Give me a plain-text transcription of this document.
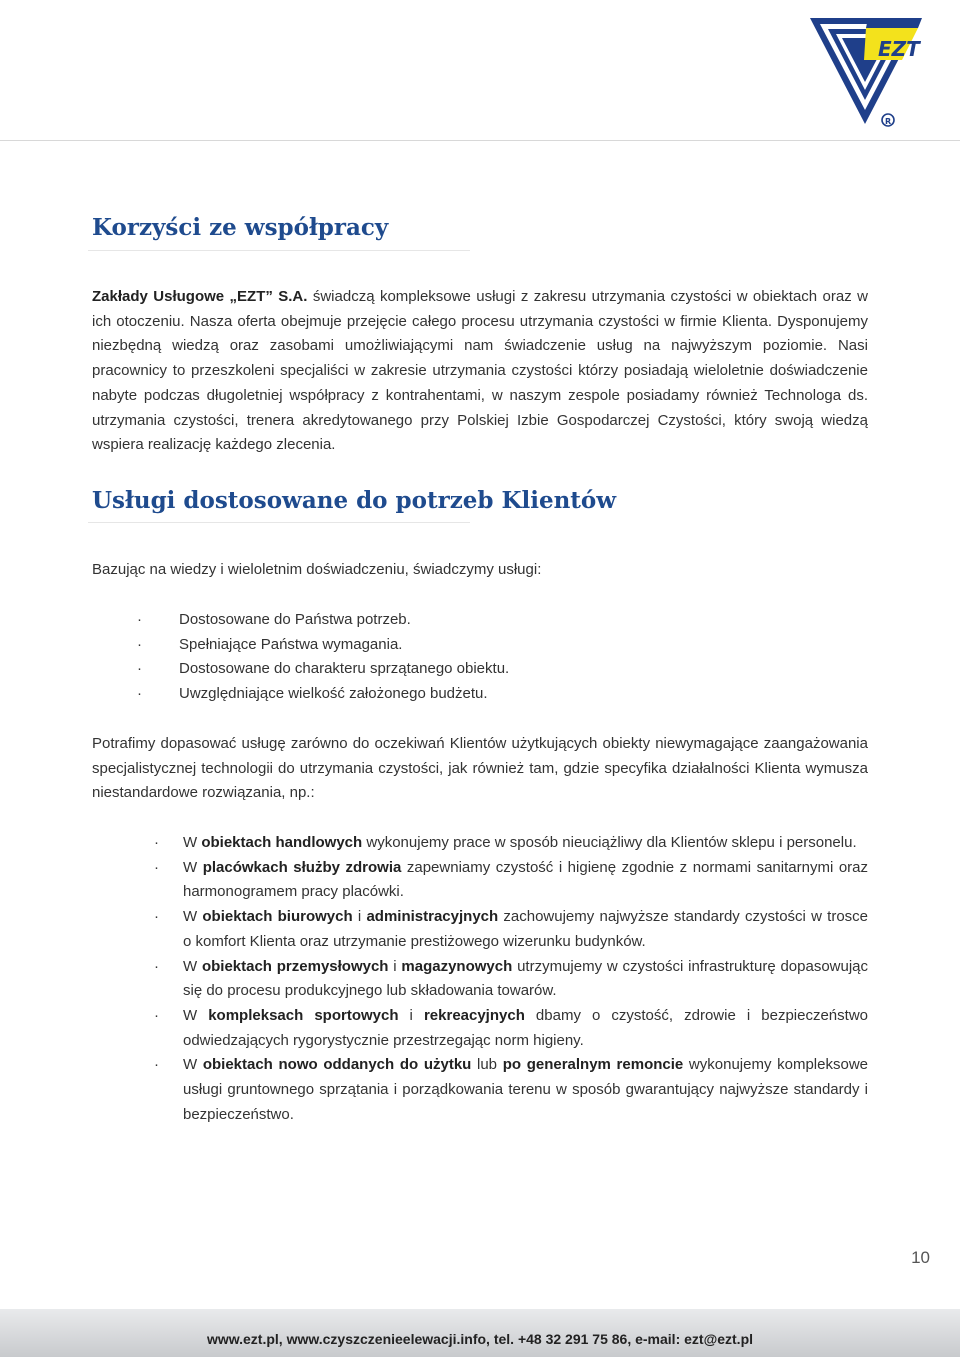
EZT
R
Korzyści ze współpracy

Zakłady Usługowe „EZT” S.A. świadczą kompleksowe usługi z zakresu utrzymania czystości w obiektach oraz w ich otoczeniu. Nasza oferta obejmuje przejęcie całego procesu utrzymania czystości w firmie Klienta. Dysponujemy niezbędną wiedzą oraz zasobami umożliwiającymi nam świadczenie usług na najwyższym poziomie. Nasi pracownicy to przeszkoleni specjaliści w zakresie utrzymania czystości którzy posiadają wieloletnie doświadczenie nabyte podczas długoletniej współpracy z kontrahentami, w naszym zespole posiadamy również Technologa ds. utrzymania czystości, trenera akredytowanego przy Polskiej Izbie Gospodarczej Czystości, który swoją wiedzą wspiera realizację każdego zlecenia.

Usługi dostosowane do potrzeb Klientów

Bazując na wiedzy i wieloletnim doświadczeniu, świadczymy usługi:

· Dostosowane do Państwa potrzeb.
· Spełniające Państwa wymagania.
· Dostosowane do charakteru sprzątanego obiektu.
· Uwzględniające wielkość założonego budżetu.

Potrafimy dopasować usługę zarówno do oczekiwań Klientów użytkujących obiekty niewymagające zaangażowania specjalistycznej technologii do utrzymania czystości, jak również tam, gdzie specyfika działalności Klienta wymusza niestandardowe rozwiązania, np.:

· W obiektach handlowych wykonujemy prace w sposób nieuciążliwy dla Klientów sklepu i personelu.
· W placówkach służby zdrowia zapewniamy czystość i higienę zgodnie z normami sanitarnymi oraz harmonogramem pracy placówki.
· W obiektach biurowych i administracyjnych zachowujemy najwyższe standardy czystości w trosce o komfort Klienta oraz utrzymanie prestiżowego wizerunku budynków.
· W obiektach przemysłowych i magazynowych utrzymujemy w czystości infrastrukturę dopasowując się do procesu produkcyjnego lub składowania towarów.
· W kompleksach sportowych i rekreacyjnych dbamy o czystość, zdrowie i bezpieczeństwo odwiedzających rygorystycznie przestrzegając norm higieny.
· W obiektach nowo oddanych do użytku lub po generalnym remoncie wykonujemy kompleksowe usługi gruntownego sprzątania i porządkowania terenu w sposób gwarantujący najwyższe standardy i bezpieczeństwo.
10
www.ezt.pl, www.czyszczenieelewacji.info, tel. +48 32 291 75 86, e-mail: ezt@ezt.pl
